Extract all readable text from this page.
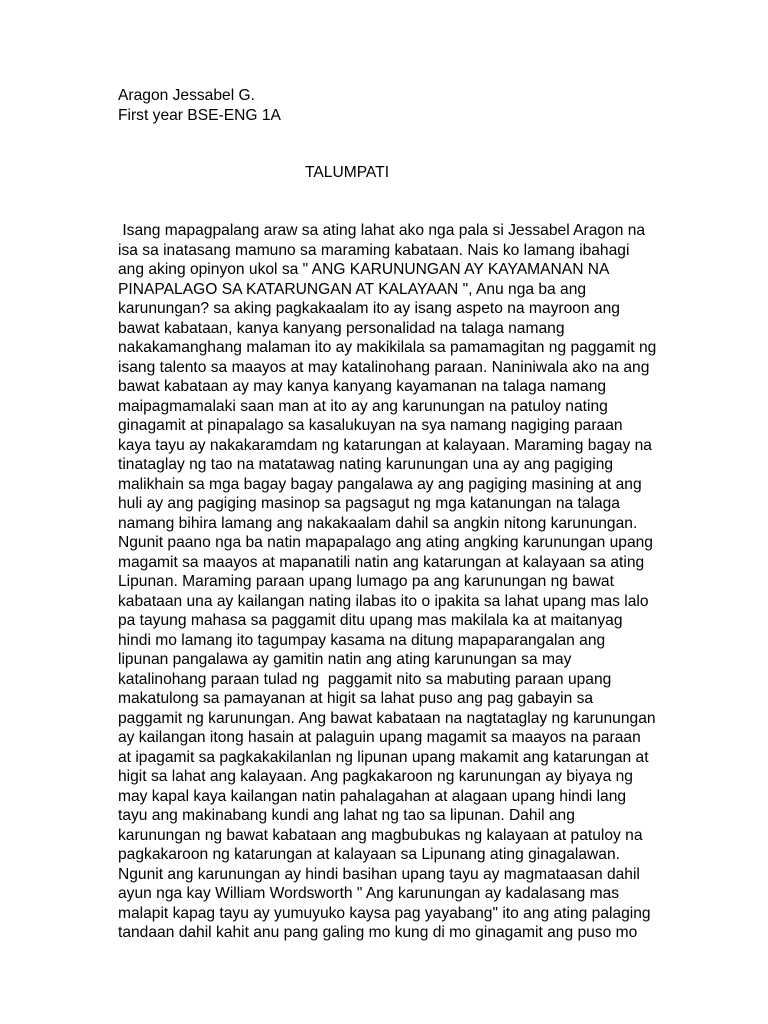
Aragon Jessabel G.
First year BSE-ENG 1A
TALUMPATI
Isang mapagpalang araw sa ating lahat ako nga pala si Jessabel Aragon na
isa sa inatasang mamuno sa maraming kabataan. Nais ko lamang ibahagi
ang aking opinyon ukol sa " ANG KARUNUNGAN AY KAYAMANAN NA
PINAPALAGO SA KATARUNGAN AT KALAYAAN ", Anu nga ba ang
karunungan? sa aking pagkakaalam ito ay isang aspeto na mayroon ang
bawat kabataan, kanya kanyang personalidad na talaga namang
nakakamanghang malaman ito ay makikilala sa pamamagitan ng paggamit ng
isang talento sa maayos at may katalinohang paraan. Naniniwala ako na ang
bawat kabataan ay may kanya kanyang kayamanan na talaga namang
maipagmamalaki saan man at ito ay ang karunungan na patuloy nating
ginagamit at pinapalago sa kasalukuyan na sya namang nagiging paraan
kaya tayu ay nakakaramdam ng katarungan at kalayaan. Maraming bagay na
tinataglay ng tao na matatawag nating karunungan una ay ang pagiging
malikhain sa mga bagay bagay pangalawa ay ang pagiging masining at ang
huli ay ang pagiging masinop sa pagsagut ng mga katanungan na talaga
namang bihira lamang ang nakakaalam dahil sa angkin nitong karunungan.
Ngunit paano nga ba natin mapapalago ang ating angking karunungan upang
magamit sa maayos at mapanatili natin ang katarungan at kalayaan sa ating
Lipunan. Maraming paraan upang lumago pa ang karunungan ng bawat
kabataan una ay kailangan nating ilabas ito o ipakita sa lahat upang mas lalo
pa tayung mahasa sa paggamit ditu upang mas makilala ka at maitanyag
hindi mo lamang ito tagumpay kasama na ditung mapaparangalan ang
lipunan pangalawa ay gamitin natin ang ating karunungan sa may
katalinohang paraan tulad ng  paggamit nito sa mabuting paraan upang
makatulong sa pamayanan at higit sa lahat puso ang pag gabayin sa
paggamit ng karunungan. Ang bawat kabataan na nagtataglay ng karunungan
ay kailangan itong hasain at palaguin upang magamit sa maayos na paraan
at ipagamit sa pagkakakilanlan ng lipunan upang makamit ang katarungan at
higit sa lahat ang kalayaan. Ang pagkakaroon ng karunungan ay biyaya ng
may kapal kaya kailangan natin pahalagahan at alagaan upang hindi lang
tayu ang makinabang kundi ang lahat ng tao sa lipunan. Dahil ang
karunungan ng bawat kabataan ang magbubukas ng kalayaan at patuloy na
pagkakaroon ng katarungan at kalayaan sa Lipunang ating ginagalawan.
Ngunit ang karunungan ay hindi basihan upang tayu ay magmataasan dahil
ayun nga kay William Wordsworth " Ang karunungan ay kadalasang mas
malapit kapag tayu ay yumuyuko kaysa pag yayabang" ito ang ating palaging
tandaan dahil kahit anu pang galing mo kung di mo ginagamit ang puso mo
